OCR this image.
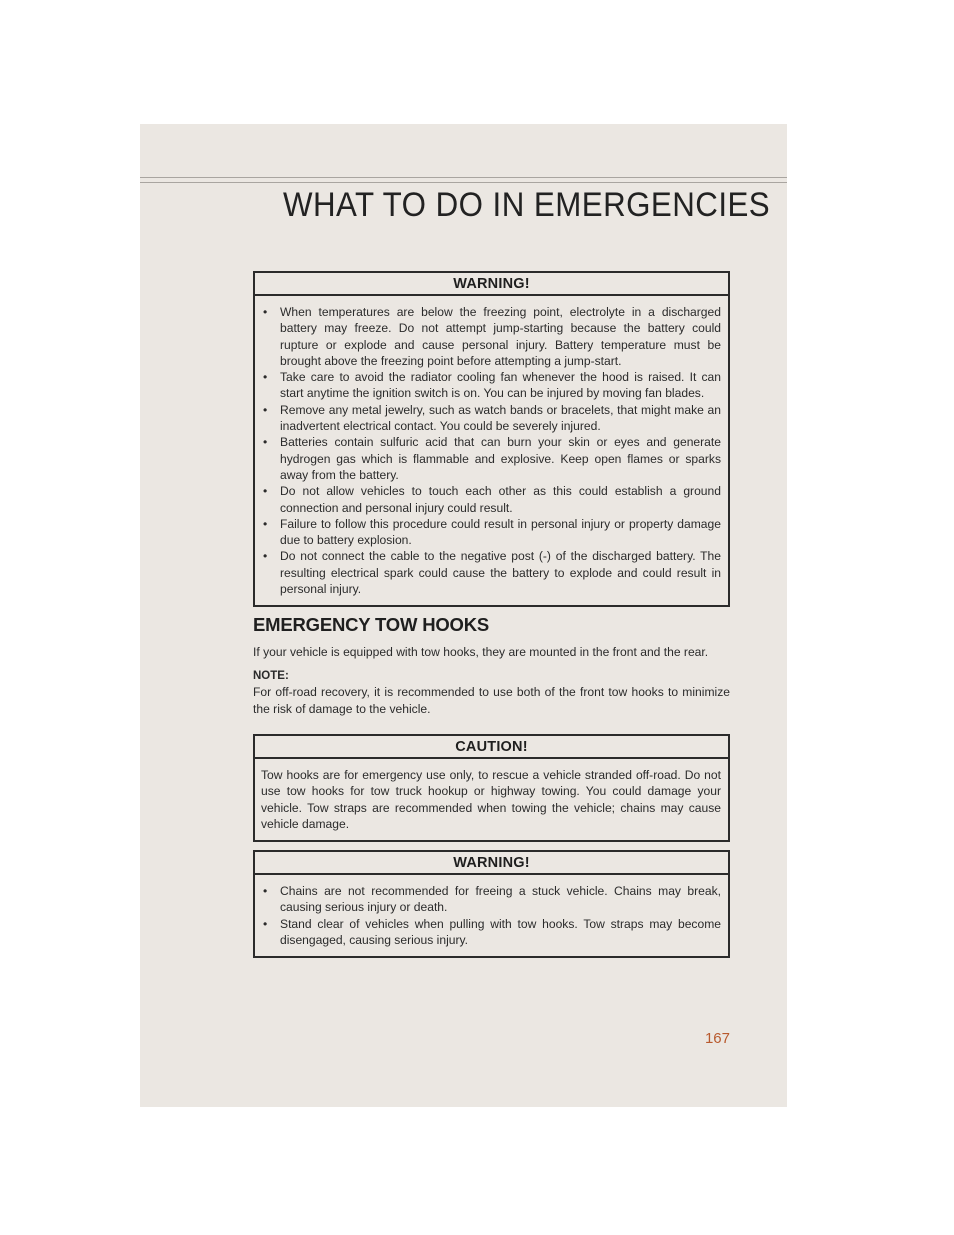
WHAT TO DO IN EMERGENCIES
WARNING!
• When temperatures are below the freezing point, electrolyte in a discharged battery may freeze. Do not attempt jump-starting because the battery could rupture or explode and cause personal injury. Battery temperature must be brought above the freezing point before attempting a jump-start.
• Take care to avoid the radiator cooling fan whenever the hood is raised. It can start anytime the ignition switch is on. You can be injured by moving fan blades.
• Remove any metal jewelry, such as watch bands or bracelets, that might make an inadvertent electrical contact. You could be severely injured.
• Batteries contain sulfuric acid that can burn your skin or eyes and generate hydrogen gas which is flammable and explosive. Keep open flames or sparks away from the battery.
• Do not allow vehicles to touch each other as this could establish a ground connection and personal injury could result.
• Failure to follow this procedure could result in personal injury or property damage due to battery explosion.
• Do not connect the cable to the negative post (-) of the discharged battery. The resulting electrical spark could cause the battery to explode and could result in personal injury.
EMERGENCY TOW HOOKS
If your vehicle is equipped with tow hooks, they are mounted in the front and the rear.
NOTE:
For off-road recovery, it is recommended to use both of the front tow hooks to minimize the risk of damage to the vehicle.
CAUTION!
Tow hooks are for emergency use only, to rescue a vehicle stranded off-road. Do not use tow hooks for tow truck hookup or highway towing. You could damage your vehicle. Tow straps are recommended when towing the vehicle; chains may cause vehicle damage.
WARNING!
• Chains are not recommended for freeing a stuck vehicle. Chains may break, causing serious injury or death.
• Stand clear of vehicles when pulling with tow hooks. Tow straps may become disengaged, causing serious injury.
167
